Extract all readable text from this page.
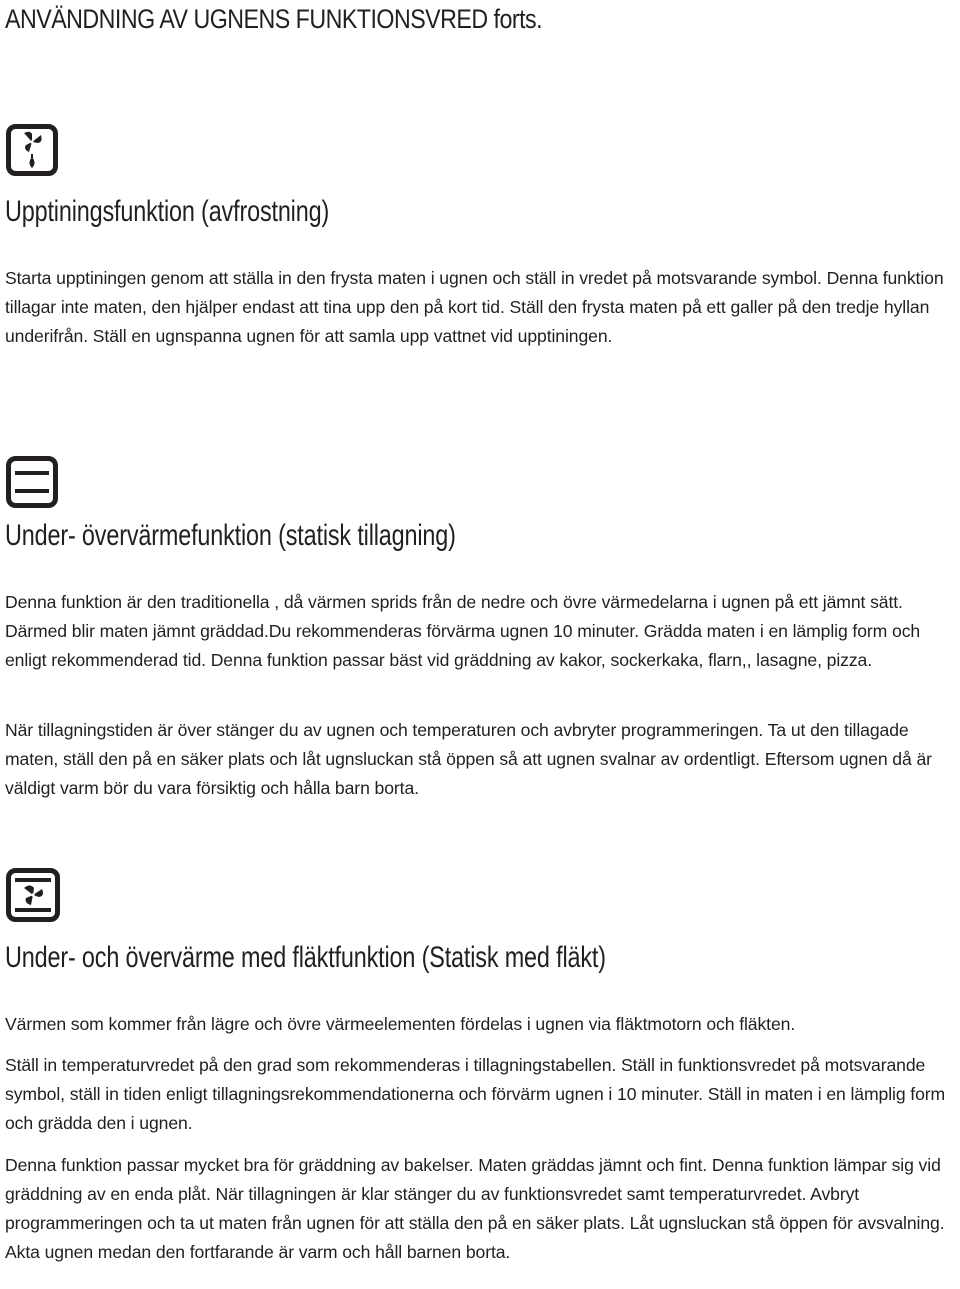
ANVÄNDNING AV UGNENS FUNKTIONSVRED forts.
Upptiningsfunktion (avfrostning)

Starta upptiningen genom att ställa in den frysta maten i ugnen och ställ in vredet på motsvarande symbol. Denna funktion tillagar inte maten, den hjälper endast att tina upp den på kort tid. Ställ den frysta maten på ett galler på den tredje hyllan underifrån. Ställ en ugnspanna ugnen för att samla upp vattnet vid upptiningen.

Under- övervärmefunktion (statisk tillagning)

Denna funktion är den traditionella , då värmen sprids från de nedre och övre värmedelarna i ugnen på ett jämnt sätt. Därmed blir maten jämnt gräddad.Du rekommenderas förvärma ugnen 10 minuter. Grädda maten i en lämplig form och enligt rekommenderad tid. Denna funktion passar bäst vid gräddning av kakor, sockerkaka, flarn,, lasagne, pizza.

När tillagningstiden är över stänger du av ugnen och temperaturen och avbryter programmeringen. Ta ut den tillagade maten, ställ den på en säker plats och låt ugnsluckan stå öppen så att ugnen svalnar av ordentligt. Eftersom ugnen då är väldigt varm bör du vara försiktig och hålla barn borta.

Under- och övervärme med fläktfunktion (Statisk med fläkt)

Värmen som kommer från lägre och övre värmeelementen fördelas i ugnen via fläktmotorn och fläkten.

Ställ in temperaturvredet på den grad som rekommenderas i tillagningstabellen. Ställ in funktionsvredet på motsvarande symbol, ställ in tiden enligt tillagningsrekommendationerna och förvärm ugnen i 10 minuter. Ställ in maten i en lämplig form och grädda den i ugnen.

Denna funktion passar mycket bra för gräddning av bakelser. Maten gräddas jämnt och fint. Denna funktion lämpar sig vid gräddning av en enda plåt. När tillagningen är klar stänger du av funktionsvredet samt temperaturvredet. Avbryt programmeringen och ta ut maten från ugnen för att ställa den på en säker plats. Låt ugnsluckan stå öppen för avsvalning. Akta ugnen medan den fortfarande är varm och håll barnen borta.
